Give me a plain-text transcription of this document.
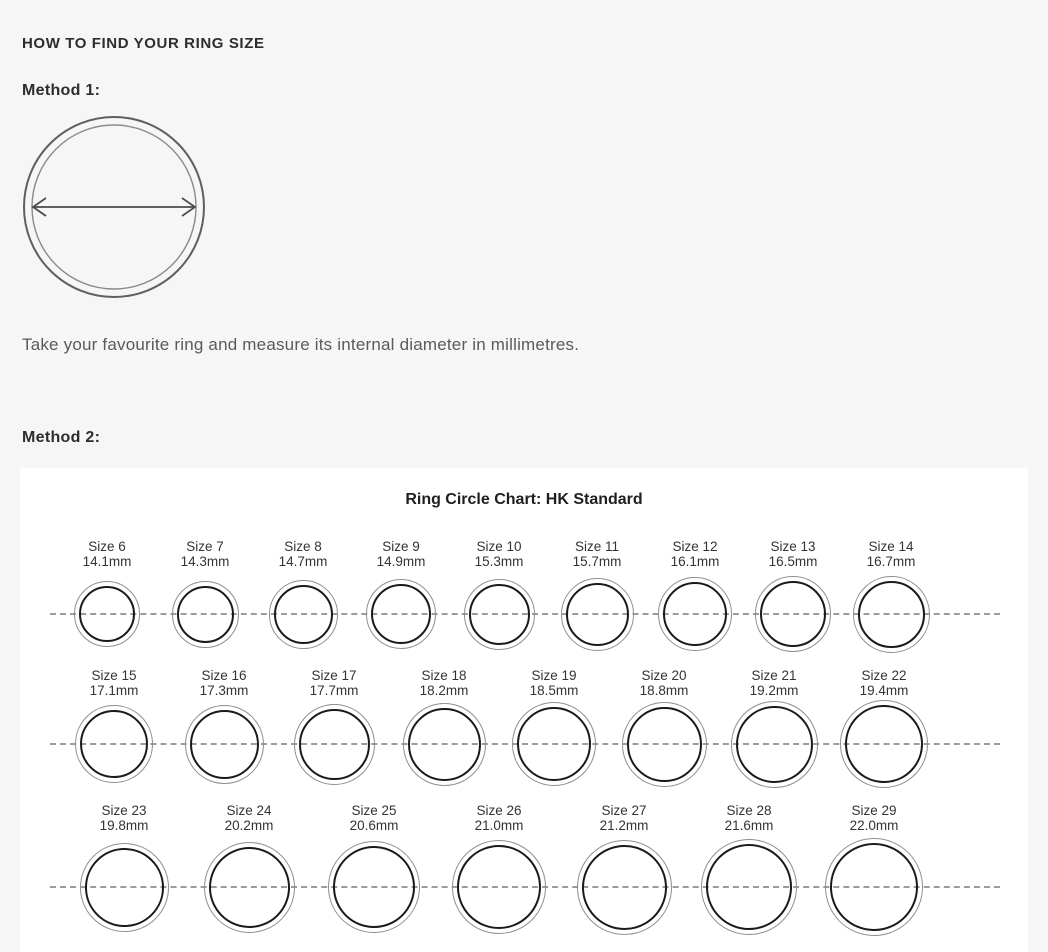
HOW TO FIND YOUR RING SIZE
Method 1:
Take your favourite ring and measure its internal diameter in millimetres.
Method 2:
Ring Circle Chart: HK Standard
Size 6
14.1mm
Size 7
14.3mm
Size 8
14.7mm
Size 9
14.9mm
Size 10
15.3mm
Size 11
15.7mm
Size 12
16.1mm
Size 13
16.5mm
Size 14
16.7mm
Size 15
17.1mm
Size 16
17.3mm
Size 17
17.7mm
Size 18
18.2mm
Size 19
18.5mm
Size 20
18.8mm
Size 21
19.2mm
Size 22
19.4mm
Size 23
19.8mm
Size 24
20.2mm
Size 25
20.6mm
Size 26
21.0mm
Size 27
21.2mm
Size 28
21.6mm
Size 29
22.0mm
